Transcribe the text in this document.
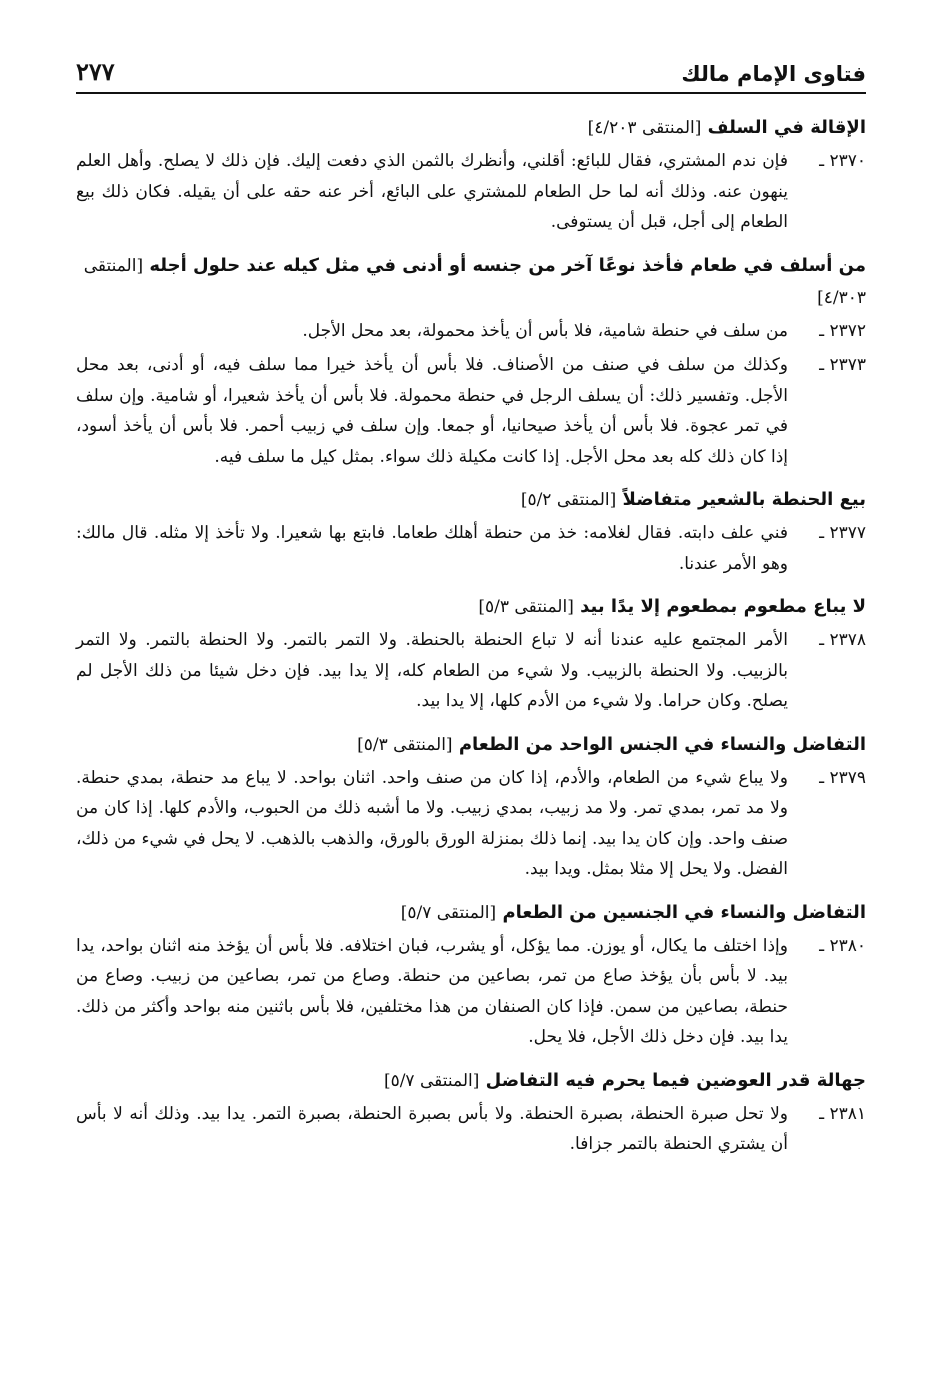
فتاوى الإمام مالك
٢٧٧
الإقالة في السلف [المنتقى ٤/٢٠٣]
٢٣٧٠ ـ
فإن ندم المشتري، فقال للبائع: أقلني، وأنظرك بالثمن الذي دفعت إليك. فإن ذلك لا يصلح. وأهل العلم ينهون عنه. وذلك أنه لما حل الطعام للمشتري على البائع، أخر عنه حقه على أن يقيله. فكان ذلك بيع الطعام إلى أجل، قبل أن يستوفى.
من أسلف في طعام فأخذ نوعًا آخر من جنسه أو أدنى في مثل كيله عند حلول أجله [المنتقى ٤/٣٠٣]
٢٣٧٢ ـ
من سلف في حنطة شامية، فلا بأس أن يأخذ محمولة، بعد محل الأجل.
٢٣٧٣ ـ
وكذلك من سلف في صنف من الأصناف. فلا بأس أن يأخذ خيرا مما سلف فيه، أو أدنى، بعد محل الأجل. وتفسير ذلك: أن يسلف الرجل في حنطة محمولة. فلا بأس أن يأخذ شعيرا، أو شامية. وإن سلف في تمر عجوة. فلا بأس أن يأخذ صيحانيا، أو جمعا. وإن سلف في زبيب أحمر. فلا بأس أن يأخذ أسود، إذا كان ذلك كله بعد محل الأجل. إذا كانت مكيلة ذلك سواء. بمثل كيل ما سلف فيه.
بيع الحنطة بالشعير متفاضلاً [المنتقى ٥/٢]
٢٣٧٧ ـ
فني علف دابته. فقال لغلامه: خذ من حنطة أهلك طعاما. فابتع بها شعيرا. ولا تأخذ إلا مثله. قال مالك: وهو الأمر عندنا.
لا يباع مطعوم بمطعوم إلا يدًا بيد [المنتقى ٥/٣]
٢٣٧٨ ـ
الأمر المجتمع عليه عندنا أنه لا تباع الحنطة بالحنطة. ولا التمر بالتمر. ولا الحنطة بالتمر. ولا التمر بالزبيب. ولا الحنطة بالزبيب. ولا شيء من الطعام كله، إلا يدا بيد. فإن دخل شيئا من ذلك الأجل لم يصلح. وكان حراما. ولا شيء من الأدم كلها، إلا يدا بيد.
التفاضل والنساء في الجنس الواحد من الطعام [المنتقى ٥/٣]
٢٣٧٩ ـ
ولا يباع شيء من الطعام، والأدم، إذا كان من صنف واحد. اثنان بواحد. لا يباع مد حنطة، بمدي حنطة. ولا مد تمر، بمدي تمر. ولا مد زبيب، بمدي زبيب. ولا ما أشبه ذلك من الحبوب، والأدم كلها. إذا كان من صنف واحد. وإن كان يدا بيد. إنما ذلك بمنزلة الورق بالورق، والذهب بالذهب. لا يحل في شيء من ذلك، الفضل. ولا يحل إلا مثلا بمثل. ويدا بيد.
التفاضل والنساء في الجنسين من الطعام [المنتقى ٥/٧]
٢٣٨٠ ـ
وإذا اختلف ما يكال، أو يوزن. مما يؤكل، أو يشرب، فبان اختلافه. فلا بأس أن يؤخذ منه اثنان بواحد، يدا بيد. لا بأس بأن يؤخذ صاع من تمر، بصاعين من حنطة. وصاع من تمر، بصاعين من زبيب. وصاع من حنطة، بصاعين من سمن. فإذا كان الصنفان من هذا مختلفين، فلا بأس باثنين منه بواحد وأكثر من ذلك. يدا بيد. فإن دخل ذلك الأجل، فلا يحل.
جهالة قدر العوضين فيما يحرم فيه التفاضل [المنتقى ٥/٧]
٢٣٨١ ـ
ولا تحل صبرة الحنطة، بصبرة الحنطة. ولا بأس بصبرة الحنطة، بصبرة التمر. يدا بيد. وذلك أنه لا بأس أن يشتري الحنطة بالتمر جزافا.
